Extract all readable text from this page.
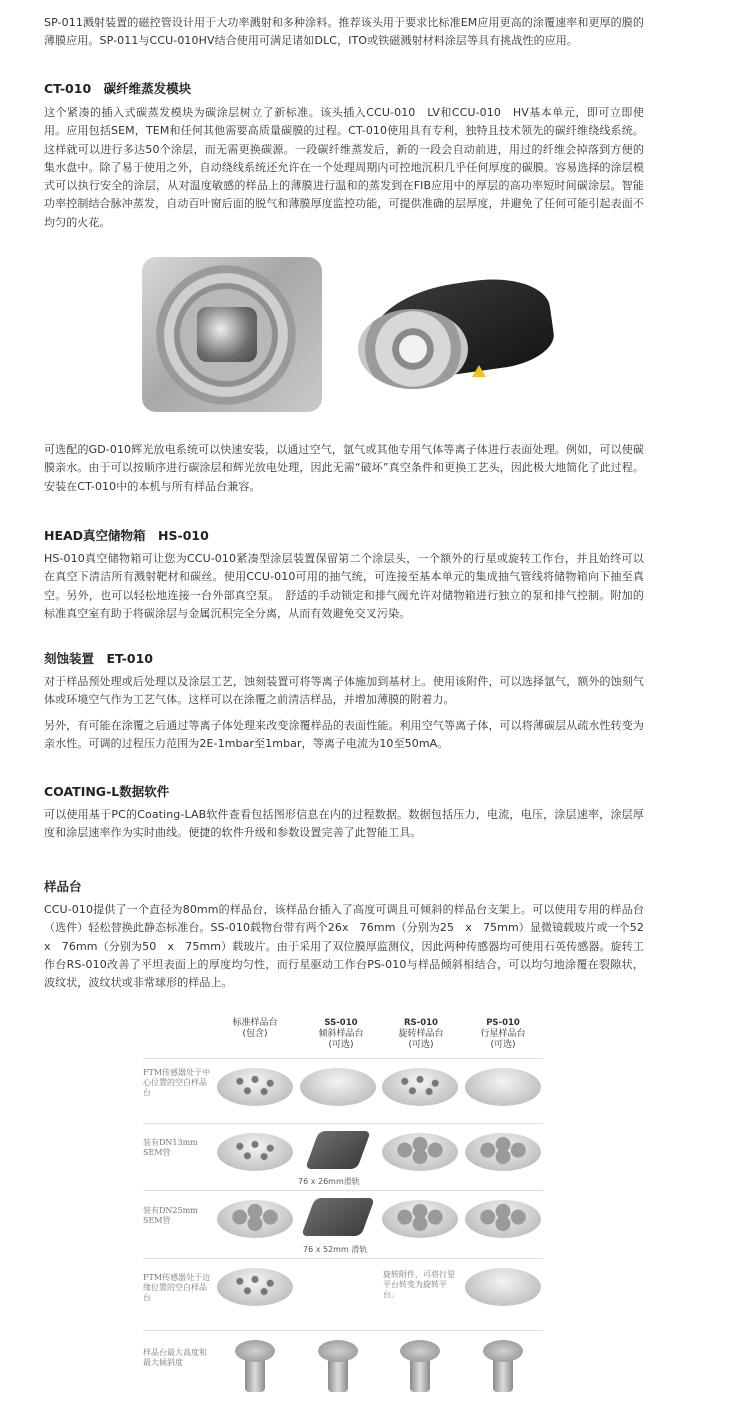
SP-011溅射装置的磁控管设计用于大功率溅射和多种涂料。推荐该头用于要求比标准EM应用更高的涂覆速率和更厚的膜的薄膜应用。SP-011与CCU-010HV结合使用可满足诸如DLC，ITO或铁磁溅射材料涂层等具有挑战性的应用。

CT-010　碳纤维蒸发模块

这个紧凑的插入式碳蒸发模块为碳涂层树立了新标准。该头插入CCU-010　LV和CCU-010　HV基本单元，即可立即使用。应用包括SEM，TEM和任何其他需要高质量碳膜的过程。CT-010使用具有专利，独特且技术领先的碳纤维绕线系统。这样就可以进行多达50个涂层，而无需更换碳源。一段碳纤维蒸发后，新的一段会自动前进，用过的纤维会掉落到方便的集水盘中。除了易于使用之外，自动绕线系统还允许在一个处理周期内可控地沉积几乎任何厚度的碳膜。容易选择的涂层模式可以执行安全的涂层，从对温度敏感的样品上的薄膜进行温和的蒸发到在FIB应用中的厚层的高功率短时间碳涂层。智能功率控制结合脉冲蒸发，自动百叶窗后面的脱气和薄膜厚度监控功能，可提供准确的层厚度，并避免了任何可能引起表面不均匀的火花。

可选配的GD-010辉光放电系统可以快速安装，以通过空气，氩气或其他专用气体等离子体进行表面处理。例如，可以使碳膜亲水。由于可以按顺序进行碳涂层和辉光放电处理，因此无需“破坏”真空条件和更换工艺头，因此极大地简化了此过程。安装在CT-010中的本机与所有样品台兼容。

HEAD真空储物箱　HS-010

HS-010真空储物箱可让您为CCU-010紧凑型涂层装置保留第二个涂层头，一个额外的行星或旋转工作台，并且始终可以在真空下清洁所有溅射靶材和碳丝。使用CCU-010可用的抽气统，可连接至基本单元的集成抽气管线将储物箱向下抽至真空。另外，也可以轻松地连接一台外部真空泵。　舒适的手动锁定和排气阀允许对储物箱进行独立的泵和排气控制。附加的标准真空室有助于将碳涂层与金属沉积完全分离，从而有效避免交叉污染。

刻蚀装置　ET-010

对于样品预处理或后处理以及涂层工艺，蚀刻装置可将等离子体施加到基材上。使用该附件，可以选择氩气，额外的蚀刻气体或环境空气作为工艺气体。这样可以在涂覆之前清洁样品，并增加薄膜的附着力。

另外，有可能在涂覆之后通过等离子体处理来改变涂覆样品的表面性能。利用空气等离子体，可以将薄碳层从疏水性转变为亲水性。可调的过程压力范围为2E-1mbar至1mbar，等离子电流为10至50mA。

COATING-L数据软件

可以使用基于PC的Coating-LAB软件查看包括图形信息在内的过程数据。数据包括压力，电流，电压，涂层速率，涂层厚度和涂层速率作为实时曲线。便捷的软件升级和参数设置完善了此智能工具。

样品台

CCU-010提供了一个直径为80mm的样品台，该样品台插入了高度可调且可倾斜的样品台支架上。可以使用专用的样品台（选件）轻松替换此静态标准台。SS-010载物台带有两个26x　76mm（分别为25　x　75mm）显微镜载玻片或一个52　x　76mm（分别为50　x　75mm）载玻片。由于采用了双位膜厚监测仪，因此两种传感器均可使用石英传感器。旋转工作台RS-010改善了平坦表面上的厚度均匀性，而行星驱动工作台PS-010与样品倾斜相结合，可以均匀地涂覆在裂隙状，波纹状，波纹状或非常球形的样品上。

标准样品台
(包含)
SS-010
倾斜样品台
(可选)
RS-010
旋转样品台
(可选)
PS-010
行星样品台
(可选)
FTM传感器处于中心位置的空白样品台
装有DN13mm SEM管
76 x 26mm滑轨
装有DN25mm SEM管
76 x 52mm 滑轨
FTM传感器处于边缘位置的空白样品台
旋转附件，可将行星平台转变为旋转平台。
样品台最大高度和最大倾斜度
